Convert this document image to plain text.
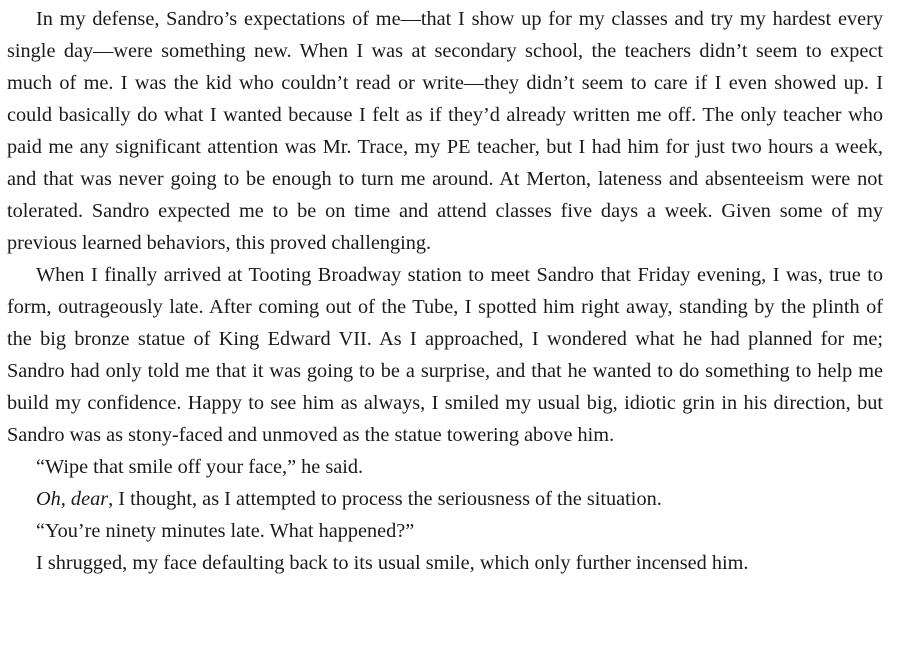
In my defense, Sandro’s expectations of me—that I show up for my classes and try my hardest every single day—were something new. When I was at secondary school, the teachers didn’t seem to expect much of me. I was the kid who couldn’t read or write—they didn’t seem to care if I even showed up. I could basically do what I wanted because I felt as if they’d already written me off. The only teacher who paid me any significant attention was Mr. Trace, my PE teacher, but I had him for just two hours a week, and that was never going to be enough to turn me around. At Merton, lateness and absenteeism were not tolerated. Sandro expected me to be on time and attend classes five days a week. Given some of my previous learned behaviors, this proved challenging.

When I finally arrived at Tooting Broadway station to meet Sandro that Friday evening, I was, true to form, outrageously late. After coming out of the Tube, I spotted him right away, standing by the plinth of the big bronze statue of King Edward VII. As I approached, I wondered what he had planned for me; Sandro had only told me that it was going to be a surprise, and that he wanted to do something to help me build my confidence. Happy to see him as always, I smiled my usual big, idiotic grin in his direction, but Sandro was as stony-faced and unmoved as the statue towering above him.

“Wipe that smile off your face,” he said.

Oh, dear, I thought, as I attempted to process the seriousness of the situation.

“You’re ninety minutes late. What happened?”

I shrugged, my face defaulting back to its usual smile, which only further incensed him.
